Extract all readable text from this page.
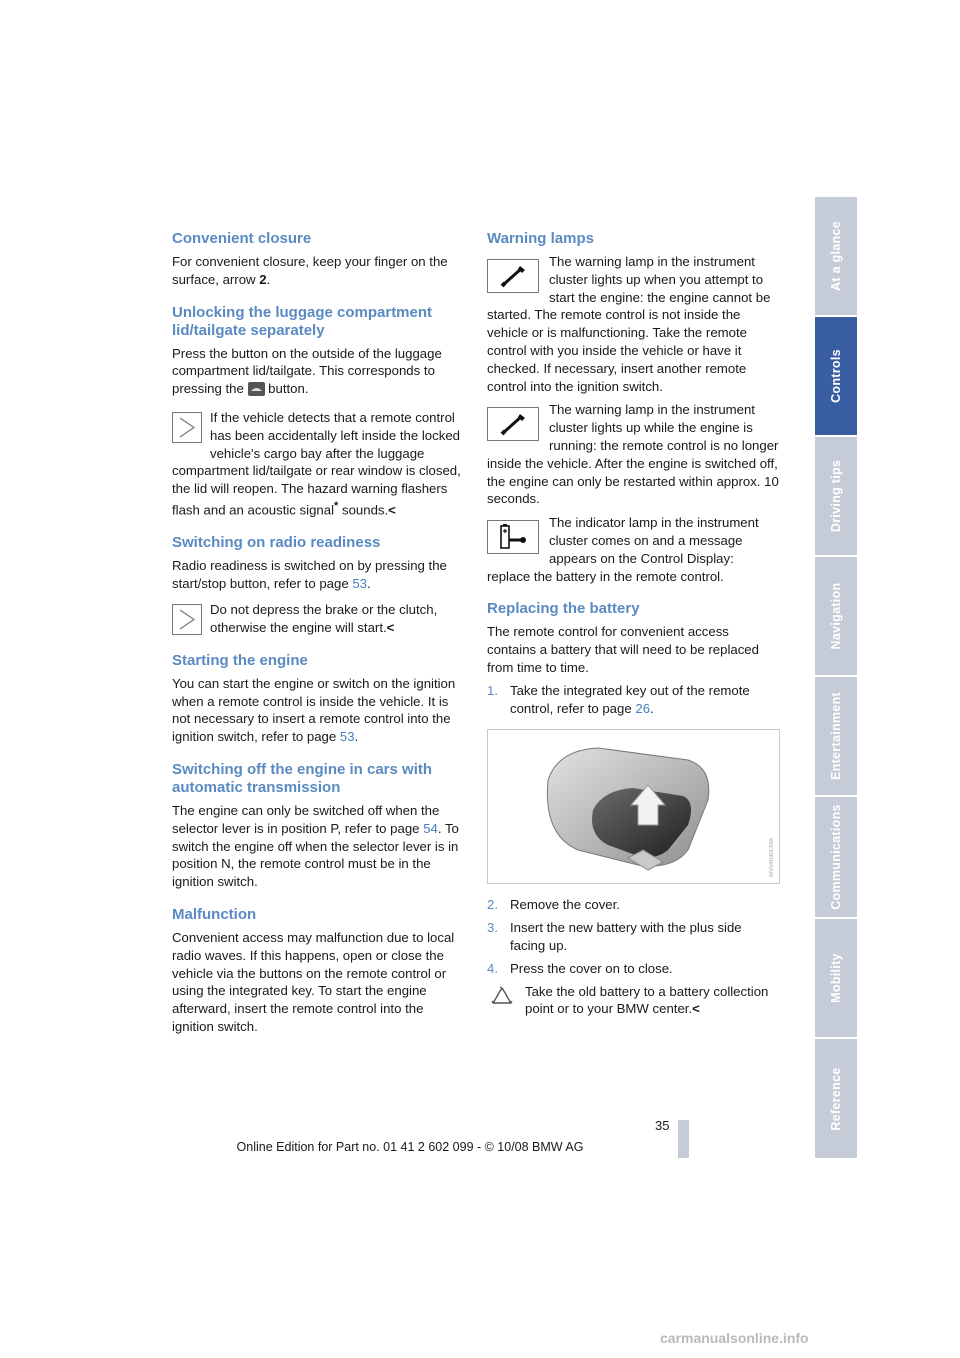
Convenient closure

For convenient closure, keep your finger on the surface, arrow 2.

Unlocking the luggage compartment lid/tailgate separately

Press the button on the outside of the luggage compartment lid/tailgate. This corresponds to pressing the  button.

If the vehicle detects that a remote control has been accidentally left inside the locked vehicle's cargo bay after the luggage compartment lid/tailgate or rear window is closed, the lid will reopen. The hazard warning flashers flash and an acoustic signal* sounds.<

Switching on radio readiness

Radio readiness is switched on by pressing the start/stop button, refer to page 53.

Do not depress the brake or the clutch, otherwise the engine will start.<

Starting the engine

You can start the engine or switch on the ignition when a remote control is inside the vehicle. It is not necessary to insert a remote control into the ignition switch, refer to page 53.

Switching off the engine in cars with automatic transmission

The engine can only be switched off when the selector lever is in position P, refer to page 54. To switch the engine off when the selector lever is in position N, the remote control must be in the ignition switch.

Malfunction

Convenient access may malfunction due to local radio waves. If this happens, open or close the vehicle via the buttons on the remote control or using the integrated key. To start the engine afterward, insert the remote control into the ignition switch.

Warning lamps

The warning lamp in the instrument cluster lights up when you attempt to start the engine: the engine cannot be started. The remote control is not inside the vehicle or is malfunctioning. Take the remote control with you inside the vehicle or have it checked. If necessary, insert another remote control into the ignition switch.

The warning lamp in the instrument cluster lights up while the engine is running: the remote control is no longer inside the vehicle. After the engine is switched off, the engine can only be restarted within approx. 10 seconds.

The indicator lamp in the instrument cluster comes on and a message appears on the Control Display: replace the battery in the remote control.

Replacing the battery

The remote control for convenient access contains a battery that will need to be replaced from time to time.

1. Take the integrated key out of the remote control, refer to page 26.
MV04630CMA
2. Remove the cover.
3. Insert the new battery with the plus side facing up.
4. Press the cover on to close.

Take the old battery to a battery collection point or to your BMW center.<

At a glance
Controls
Driving tips
Navigation
Entertainment
Communications
Mobility
Reference
35
Online Edition for Part no. 01 41 2 602 099 - © 10/08 BMW AG
carmanualsonline.info
